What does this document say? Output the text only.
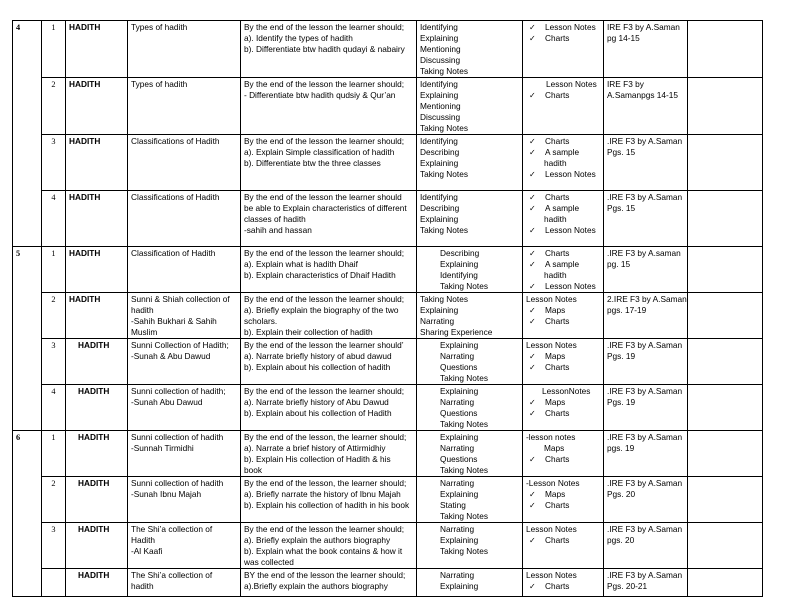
4	1	HADITH	Types of hadith	By the end of the lesson the learner should;
a). Identify the types of hadith
b). Differentiate btw hadith qudayi & nabairy	Identifying
Explaining
Mentioning
Discussing
Taking Notes	✓ Lesson Notes
✓ Charts	IRE F3 by A.Saman
pg 14-15	

	2	HADITH	Types of hadith	By the end of the lesson the learner should;
- Differentiate btw hadith qudsiy & Qur’an	Identifying
Explaining
Mentioning
Discussing
Taking Notes	Lesson Notes
✓ Charts	IRE F3 by
A.Samanpgs 14-15	

	3	HADITH	Classifications of Hadith	By the end of the lesson the learner should;
a). Explain Simple classification of hadith
b). Differentiate btw the three classes	Identifying
Describing
Explaining
Taking Notes	✓ Charts
✓ A sample
hadith
✓ Lesson Notes	.IRE F3 by A.Saman
Pgs. 15	

	4	HADITH	Classifications of Hadith	By the end of the lesson the learner should
be able to Explain characteristics of different
classes of hadith
-sahih and hassan	Identifying
Describing
Explaining
Taking Notes	✓ Charts
✓ A sample
hadith
✓ Lesson Notes	.IRE F3 by A.Saman
Pgs. 15	

5	1	HADITH	Classification of Hadith	By the end of the lesson the learner should;
a). Explain what is hadith Dhaif
b). Explain characteristics of Dhaif Hadith	Describing
Explaining
Identifying
Taking Notes	✓ Charts
✓ A sample
hadith
✓ Lesson Notes	.IRE F3 by A.saman
pg. 15	

	2	HADITH	Sunni & Shiah collection of
hadith
-Sahih Bukhari & Sahih
Muslim	By the end of the lesson the learner should;
a). Briefly explain the biography of the two
scholars.
b). Explain their collection of hadith	Taking Notes
Explaining
Narrating
Sharing Experience	Lesson Notes
✓ Maps
✓ Charts	2.IRE F3 by A.Saman
pgs. 17-19	

	3	HADITH	Sunni Collection of Hadith;
-Sunah & Abu Dawud	By the end of the lesson the learner should’
a). Narrate briefly history of abud dawud
b). Explain about his collection of hadith	Explaining
Narrating
Questions
Taking Notes	Lesson Notes
✓ Maps
✓ Charts	.IRE F3 by A.Saman
Pgs. 19	

	4	HADITH	Sunni collection of hadith;
-Sunah Abu Dawud	By the end of the lesson the learner should;
a). Narrate briefly history of Abu Dawud
b). Explain about his collection of Hadith	Explaining
Narrating
Questions
Taking Notes	LessonNotes
✓ Maps
✓ Charts	.IRE F3 by A.Saman
Pgs. 19	

6	1	HADITH	Sunni collection of hadith
-Sunnah Tirmidhi	By the end of the lesson, the learner should;
a). Narrate a brief history of Attirmidhiy
b). Explain His collection of Hadith & his
book	Explaining
Narrating
Questions
Taking Notes	-lesson notes
Maps
✓ Charts	.IRE F3 by A.Saman
pgs. 19	

	2	HADITH	Sunni collection of hadith
-Sunah Ibnu Majah	By the end of the lesson, the learner should;
a). Briefly narrate the history of Ibnu Majah
b). Explain his collection of hadith in his book	Narrating
Explaining
Stating
Taking Notes	-Lesson Notes
✓ Maps
✓ Charts	.IRE F3 by A.Saman
Pgs. 20	

	3	HADITH	The Shi’a collection of
Hadith
-Al Kaafi	By the end of the lesson the learner should;
a). Briefly explain the authors biography
b). Explain what the book contains & how it
was collected	Narrating
Explaining
Taking Notes	Lesson Notes
✓ Charts	.IRE F3 by A.Saman
pgs. 20	

		HADITH	The Shi’a collection of
hadith	BY the end of the lesson the learner should;
a).Briefly explain the authors biography	Narrating
Explaining	Lesson Notes
✓ Charts	.IRE F3 by A.Saman
Pgs. 20-21	
